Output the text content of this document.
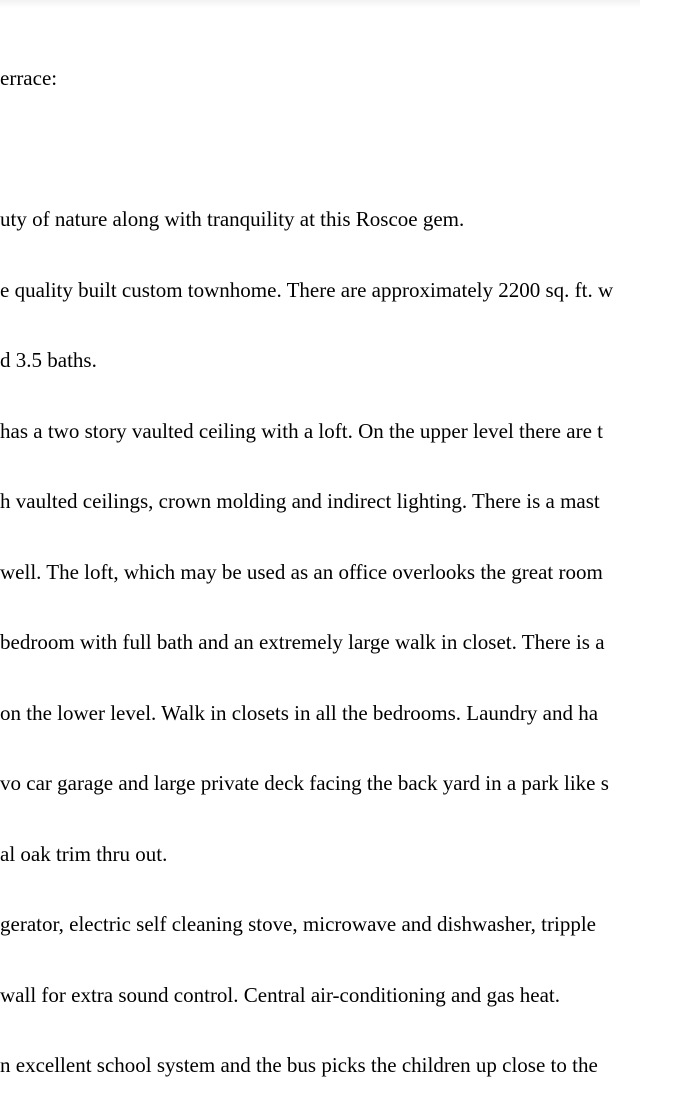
errace:

uty of nature along with tranquility at this Roscoe gem.

e quality built custom townhome. There are approximately 2200 sq. ft. w

d 3.5 baths.

has a two story vaulted ceiling with a loft. On the upper level there are t

h vaulted ceilings, crown molding and indirect lighting. There is a mast

well. The loft, which may be used as an office overlooks the great room

bedroom with full bath and an extremely large walk in closet. There is a

on the lower level. Walk in closets in all the bedrooms. Laundry and ha

vo car garage and large private deck facing the back yard in a park like s

al oak trim thru out.

gerator, electric self cleaning stove, microwave and dishwasher, tripple

wall for extra sound control. Central air-conditioning and gas heat.

n excellent school system and the bus picks the children up close to the
